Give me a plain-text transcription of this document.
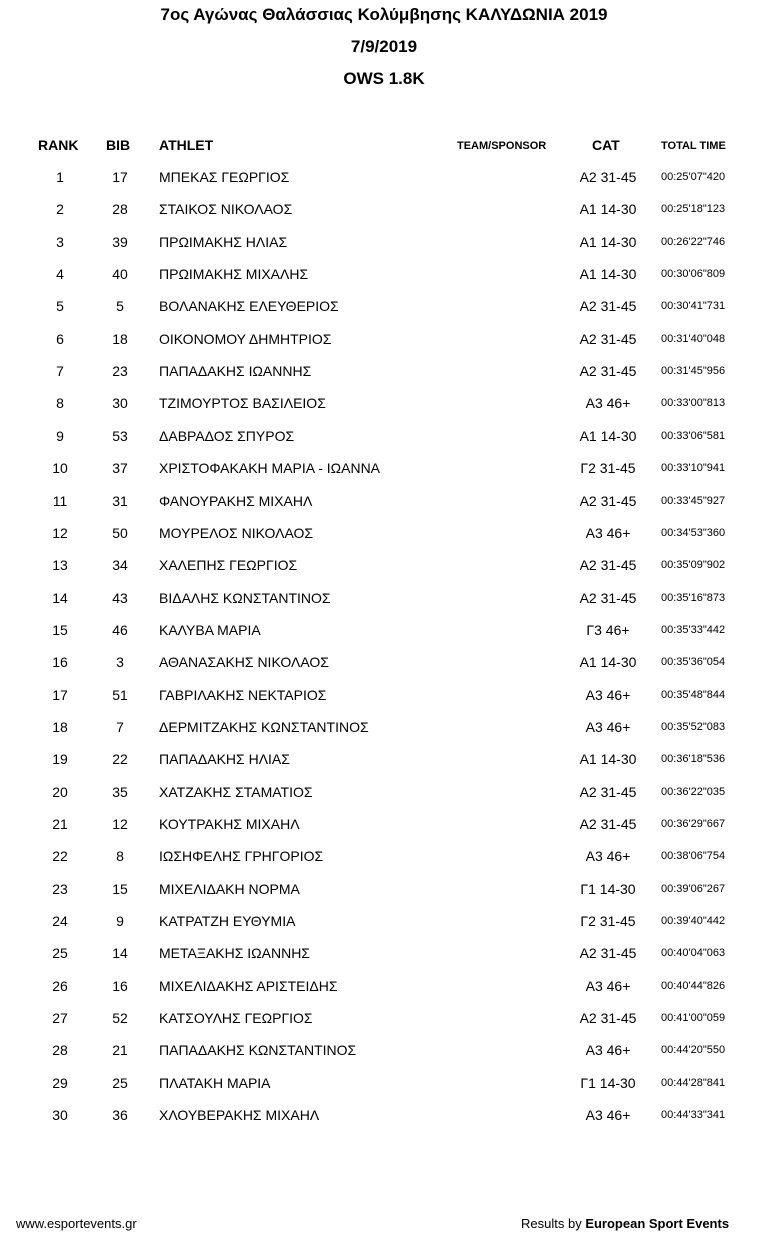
7ος Αγώνας Θαλάσσιας Κολύμβησης ΚΑΛΥΔΩΝΙΑ 2019
7/9/2019
OWS 1.8K
RANK BIB ATHLET	TEAM/SPONSOR	CAT	TOTAL TIME
1	17	ΜΠΕΚΑΣ ΓΕΩΡΓΙΟΣ	Α2 31-45	00:25'07"420
2	28	ΣΤΑΙΚΟΣ ΝΙΚΟΛΑΟΣ	Α1 14-30	00:25'18"123
3	39	ΠΡΩΙΜΑΚΗΣ ΗΛΙΑΣ	Α1 14-30	00:26'22"746
4	40	ΠΡΩΙΜΑΚΗΣ ΜΙΧΑΛΗΣ	Α1 14-30	00:30'06"809
5	5	ΒΟΛΑΝΑΚΗΣ ΕΛΕΥΘΕΡΙΟΣ	Α2 31-45	00:30'41"731
6	18	ΟΙΚΟΝΟΜΟΥ ΔΗΜΗΤΡΙΟΣ	Α2 31-45	00:31'40"048
7	23	ΠΑΠΑΔΑΚΗΣ ΙΩΑΝΝΗΣ	Α2 31-45	00:31'45"956
8	30	ΤΖΙΜΟΥΡΤΟΣ ΒΑΣΙΛΕΙΟΣ	Α3 46+	00:33'00"813
9	53	ΔΑΒΡΑΔΟΣ ΣΠΥΡΟΣ	Α1 14-30	00:33'06"581
10	37	ΧΡΙΣΤΟΦΑΚΑΚΗ ΜΑΡΙΑ - ΙΩΑΝΝΑ	Γ2 31-45	00:33'10"941
11	31	ΦΑΝΟΥΡΑΚΗΣ ΜΙΧΑΗΛ	Α2 31-45	00:33'45"927
12	50	ΜΟΥΡΕΛΟΣ ΝΙΚΟΛΑΟΣ	Α3 46+	00:34'53"360
13	34	ΧΑΛΕΠΗΣ ΓΕΩΡΓΙΟΣ	Α2 31-45	00:35'09"902
14	43	ΒΙΔΑΛΗΣ ΚΩΝΣΤΑΝΤΙΝΟΣ	Α2 31-45	00:35'16"873
15	46	ΚΑΛΥΒΑ ΜΑΡΙΑ	Γ3 46+	00:35'33"442
16	3	ΑΘΑΝΑΣΑΚΗΣ ΝΙΚΟΛΑΟΣ	Α1 14-30	00:35'36"054
17	51	ΓΑΒΡΙΛΑΚΗΣ ΝΕΚΤΑΡΙΟΣ	Α3 46+	00:35'48"844
18	7	ΔΕΡΜΙΤΖΑΚΗΣ ΚΩΝΣΤΑΝΤΙΝΟΣ	Α3 46+	00:35'52"083
19	22	ΠΑΠΑΔΑΚΗΣ ΗΛΙΑΣ	Α1 14-30	00:36'18"536
20	35	ΧΑΤΖΑΚΗΣ ΣΤΑΜΑΤΙΟΣ	Α2 31-45	00:36'22"035
21	12	ΚΟΥΤΡΑΚΗΣ ΜΙΧΑΗΛ	Α2 31-45	00:36'29"667
22	8	ΙΩΣΗΦΕΛΗΣ ΓΡΗΓΟΡΙΟΣ	Α3 46+	00:38'06"754
23	15	ΜΙΧΕΛΙΔΑΚΗ ΝΟΡΜΑ	Γ1 14-30	00:39'06"267
24	9	ΚΑΤΡΑΤΖΗ ΕΥΘΥΜΙΑ	Γ2 31-45	00:39'40"442
25	14	ΜΕΤΑΞΑΚΗΣ ΙΩΑΝΝΗΣ	Α2 31-45	00:40'04"063
26	16	ΜΙΧΕΛΙΔΑΚΗΣ ΑΡΙΣΤΕΙΔΗΣ	Α3 46+	00:40'44"826
27	52	ΚΑΤΣΟΥΛΗΣ ΓΕΩΡΓΙΟΣ	Α2 31-45	00:41'00"059
28	21	ΠΑΠΑΔΑΚΗΣ ΚΩΝΣΤΑΝΤΙΝΟΣ	Α3 46+	00:44'20"550
29	25	ΠΛΑΤΑΚΗ ΜΑΡΙΑ	Γ1 14-30	00:44'28"841
30	36	ΧΛΟΥΒΕΡΑΚΗΣ ΜΙΧΑΗΛ	Α3 46+	00:44'33"341
www.esportevents.gr	Results by European Sport Events
